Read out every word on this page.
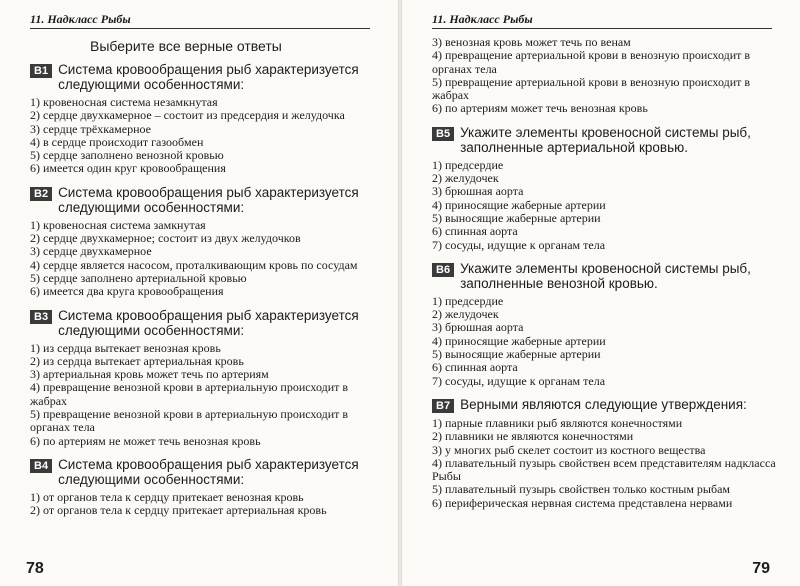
11. Надкласс Рыбы
Выберите все верные ответы
B1 Система кровообращения рыб характеризуется следующими особенностями:
1) кровеносная система незамкнутая
2) сердце двухкамерное – состоит из предсердия и желудочка
3) сердце трёхкамерное
4) в сердце происходит газообмен
5) сердце заполнено венозной кровью
6) имеется один круг кровообращения
B2 Система кровообращения рыб характеризуется следующими особенностями:
1) кровеносная система замкнутая
2) сердце двухкамерное; состоит из двух желудочков
3) сердце двухкамерное
4) сердце является насосом, проталкивающим кровь по сосудам
5) сердце заполнено артериальной кровью
6) имеется два круга кровообращения
B3 Система кровообращения рыб характеризуется следующими особенностями:
1) из сердца вытекает венозная кровь
2) из сердца вытекает артериальная кровь
3) артериальная кровь может течь по артериям
4) превращение венозной крови в артериальную происходит в жабрах
5) превращение венозной крови в артериальную происходит в органах тела
6) по артериям не может течь венозная кровь
B4 Система кровообращения рыб характеризуется следующими особенностями:
1) от органов тела к сердцу притекает венозная кровь
2) от органов тела к сердцу притекает артериальная кровь
78
11. Надкласс Рыбы
3) венозная кровь может течь по венам
4) превращение артериальной крови в венозную происходит в органах тела
5) превращение артериальной крови в венозную происходит в жабрах
6) по артериям может течь венозная кровь
B5 Укажите элементы кровеносной системы рыб, заполненные артериальной кровью.
1) предсердие
2) желудочек
3) брюшная аорта
4) приносящие жаберные артерии
5) выносящие жаберные артерии
6) спинная аорта
7) сосуды, идущие к органам тела
B6 Укажите элементы кровеносной системы рыб, заполненные венозной кровью.
1) предсердие
2) желудочек
3) брюшная аорта
4) приносящие жаберные артерии
5) выносящие жаберные артерии
6) спинная аорта
7) сосуды, идущие к органам тела
B7 Верными являются следующие утверждения:
1) парные плавники рыб являются конечностями
2) плавники не являются конечностями
3) у многих рыб скелет состоит из костного вещества
4) плавательный пузырь свойствен всем представителям надкласса Рыбы
5) плавательный пузырь свойствен только костным рыбам
6) периферическая нервная система представлена нервами
79
